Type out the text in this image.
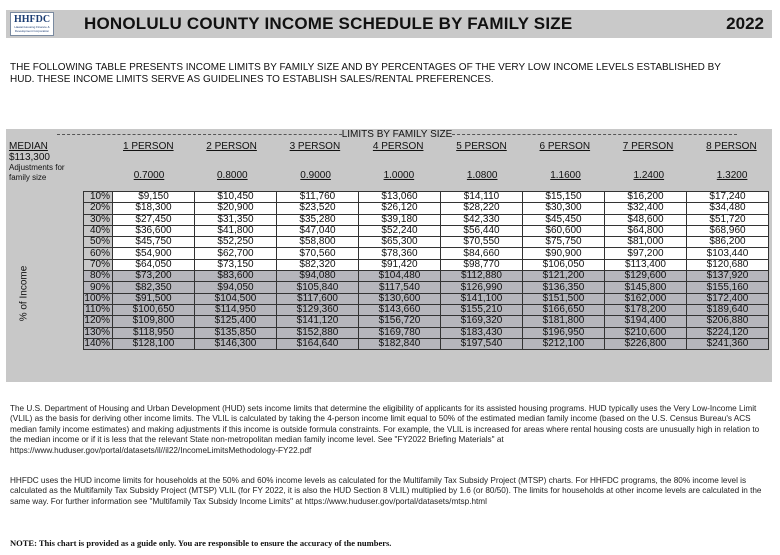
HHFDC
Hawaii Housing Finance & Development Corporation HONOLULU COUNTY INCOME SCHEDULE BY FAMILY SIZE	2022
THE FOLLOWING TABLE PRESENTS INCOME LIMITS BY FAMILY SIZE AND BY PERCENTAGES OF THE VERY LOW INCOME LEVELS ESTABLISHED BY HUD. THESE INCOME LIMITS SERVE AS GUIDELINES TO ESTABLISH SALES/RENTAL PREFERENCES.
LIMITS BY FAMILY SIZE
MEDIAN
$113,300
Adjustments for family size
1 PERSON	2 PERSON	3 PERSON	4 PERSON	5 PERSON	6 PERSON	7 PERSON	8 PERSON
0.7000	0.8000	0.9000	1.0000	1.0800	1.1600	1.2400	1.3200
10%	$9,150	$10,450	$11,760	$13,060	$14,110	$15,150	$16,200	$17,240
20%	$18,300	$20,900	$23,520	$26,120	$28,220	$30,300	$32,400	$34,480
30%	$27,450	$31,350	$35,280	$39,180	$42,330	$45,450	$48,600	$51,720
40%	$36,600	$41,800	$47,040	$52,240	$56,440	$60,600	$64,800	$68,960
50%	$45,750	$52,250	$58,800	$65,300	$70,550	$75,750	$81,000	$86,200
60%	$54,900	$62,700	$70,560	$78,360	$84,660	$90,900	$97,200	$103,440
70%	$64,050	$73,150	$82,320	$91,420	$98,770	$106,050	$113,400	$120,680
80%	$73,200	$83,600	$94,080	$104,480	$112,880	$121,200	$129,600	$137,920
90%	$82,350	$94,050	$105,840	$117,540	$126,990	$136,350	$145,800	$155,160
100%	$91,500	$104,500	$117,600	$130,600	$141,100	$151,500	$162,000	$172,400
110%	$100,650	$114,950	$129,360	$143,660	$155,210	$166,650	$178,200	$189,640
120%	$109,800	$125,400	$141,120	$156,720	$169,320	$181,800	$194,400	$206,880
130%	$118,950	$135,850	$152,880	$169,780	$183,430	$196,950	$210,600	$224,120
140%	$128,100	$146,300	$164,640	$182,840	$197,540	$212,100	$226,800	$241,360
% of Income
The U.S. Department of Housing and Urban Development (HUD) sets income limits that determine the eligibility of applicants for its assisted housing programs. HUD typically uses the Very Low-Income Limit (VLIL) as the basis for deriving other income limits. The VLIL is calculated by taking the 4-person income limit equal to 50% of the estimated median family income (based on the U.S. Census Bureau's ACS median family income estimates) and making adjustments if this income is outside formula constraints. For example, the VLIL is increased for areas where rental housing costs are unusually high in relation to the median income or if it is less that the relevant State non-metropolitan median family income level. See "FY2022 Briefing Materials" at https://www.huduser.gov/portal/datasets/il//il22/IncomeLimitsMethodology-FY22.pdf
HHFDC uses the HUD income limits for households at the 50% and 60% income levels as calculated for the Multifamily Tax Subsidy Project (MTSP) charts. For HHFDC programs, the 80% income level is calculated as the Multifamily Tax Subsidy Project (MTSP) VLIL (for FY 2022, it is also the HUD Section 8 VLIL) multiplied by 1.6 (or 80/50). The limits for households at other income levels are calculated in the same way. For further information see "Multifamily Tax Subsidy Income Limits" at https://www.huduser.gov/portal/datasets/mtsp.html
NOTE: This chart is provided as a guide only. You are responsible to ensure the accuracy of the numbers.
